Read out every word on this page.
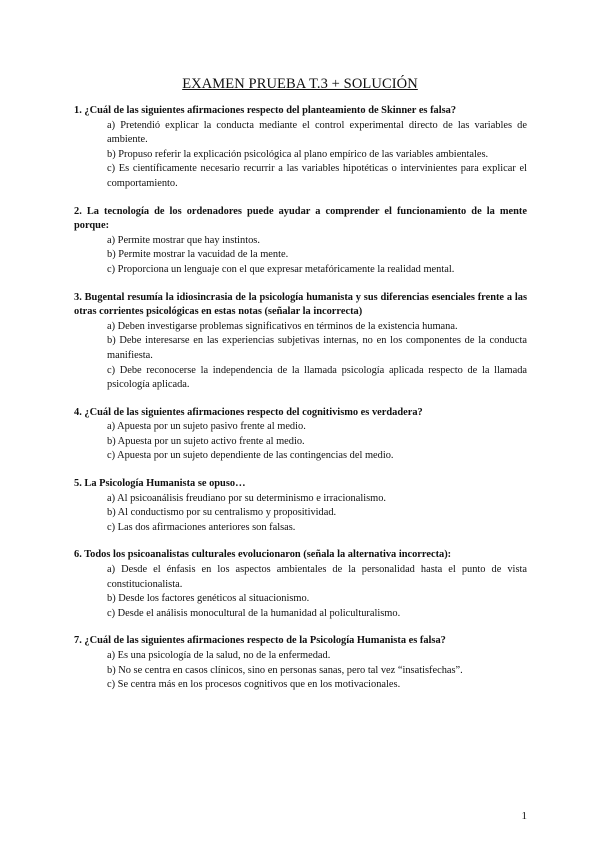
EXAMEN PRUEBA T.3 + SOLUCIÓN

1. ¿Cuál de las siguientes afirmaciones respecto del planteamiento de Skinner es falsa?

a) Pretendió explicar la conducta mediante el control experimental directo de las variables de ambiente.

b) Propuso referir la explicación psicológica al plano empírico de las variables ambientales.

c) Es científicamente necesario recurrir a las variables hipotéticas o intervinientes para explicar el comportamiento.

2. La tecnología de los ordenadores puede ayudar a comprender el funcionamiento de la mente porque:

a) Permite mostrar que hay instintos.

b) Permite mostrar la vacuidad de la mente.

c) Proporciona un lenguaje con el que expresar metafóricamente la realidad mental.

3. Bugental resumía la idiosincrasia de la psicología humanista y sus diferencias esenciales frente a las otras corrientes psicológicas en estas notas (señalar la incorrecta)

a) Deben investigarse problemas significativos en términos de la existencia humana.

b) Debe interesarse en las experiencias subjetivas internas, no en los componentes de la conducta manifiesta.

c) Debe reconocerse la independencia de la llamada psicología aplicada respecto de la llamada psicología aplicada.

4. ¿Cuál de las siguientes afirmaciones respecto del cognitivismo es verdadera?

a) Apuesta por un sujeto pasivo frente al medio.

b) Apuesta por un sujeto activo frente al medio.

c) Apuesta por un sujeto dependiente de las contingencias del medio.

5. La Psicología Humanista se opuso…

a) Al psicoanálisis freudiano por su determinismo e irracionalismo.

b) Al conductismo por su centralismo y propositividad.

c) Las dos afirmaciones anteriores son falsas.

6. Todos los psicoanalistas culturales evolucionaron (señala la alternativa incorrecta):

a) Desde el énfasis en los aspectos ambientales de la personalidad hasta el punto de vista constitucionalista.

b) Desde los factores genéticos al situacionismo.

c) Desde el análisis monocultural de la humanidad al policulturalismo.

7. ¿Cuál de las siguientes afirmaciones respecto de la Psicología Humanista es falsa?

a) Es una psicología de la salud, no de la enfermedad.

b) No se centra en casos clínicos, sino en personas sanas, pero tal vez “insatisfechas”.

c) Se centra más en los procesos cognitivos que en los motivacionales.

1
